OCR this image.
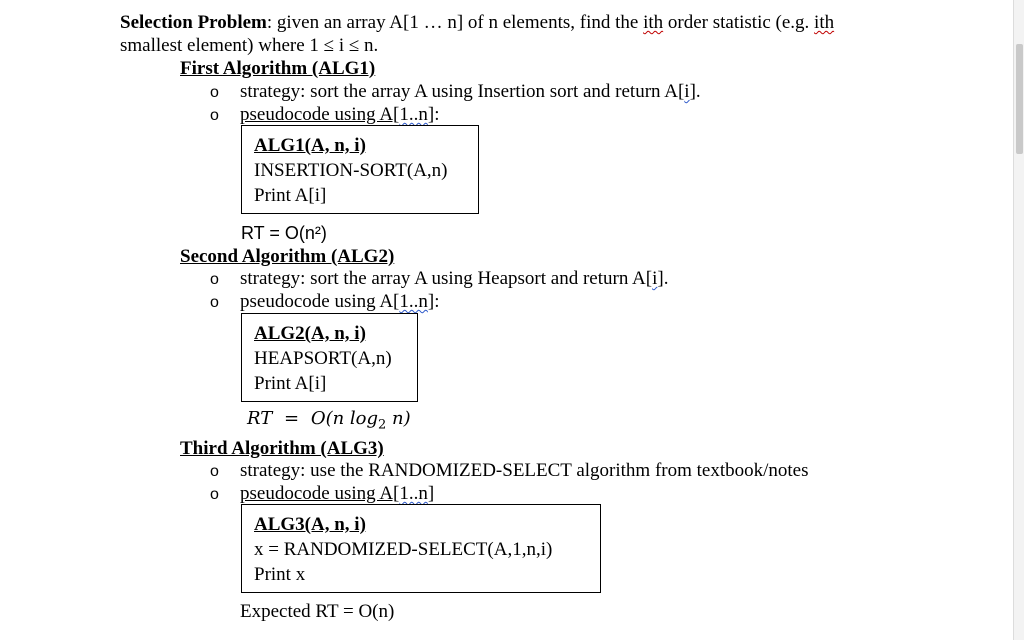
Selection Problem: given an array A[1 … n] of n elements, find the ith order statistic (e.g. ith
smallest element) where 1 ≤ i ≤ n.
First Algorithm (ALG1)
o strategy: sort the array A using Insertion sort and return A[i].
o pseudocode using A[1..n]:
ALG1(A, n, i)
INSERTION-SORT(A,n)
Print A[i]
RT = O(n²)
Second Algorithm (ALG2)
o strategy: sort the array A using Heapsort and return A[i].
o pseudocode using A[1..n]:
ALG2(A, n, i)
HEAPSORT(A,n)
Print A[i]
RT = O(n $\log_2 n$)
Third Algorithm (ALG3)
o strategy: use the RANDOMIZED-SELECT algorithm from textbook/notes
o pseudocode using A[1..n]
ALG3(A, n, i)
x = RANDOMIZED-SELECT(A,1,n,i)
Print x
Expected RT = O(n)
